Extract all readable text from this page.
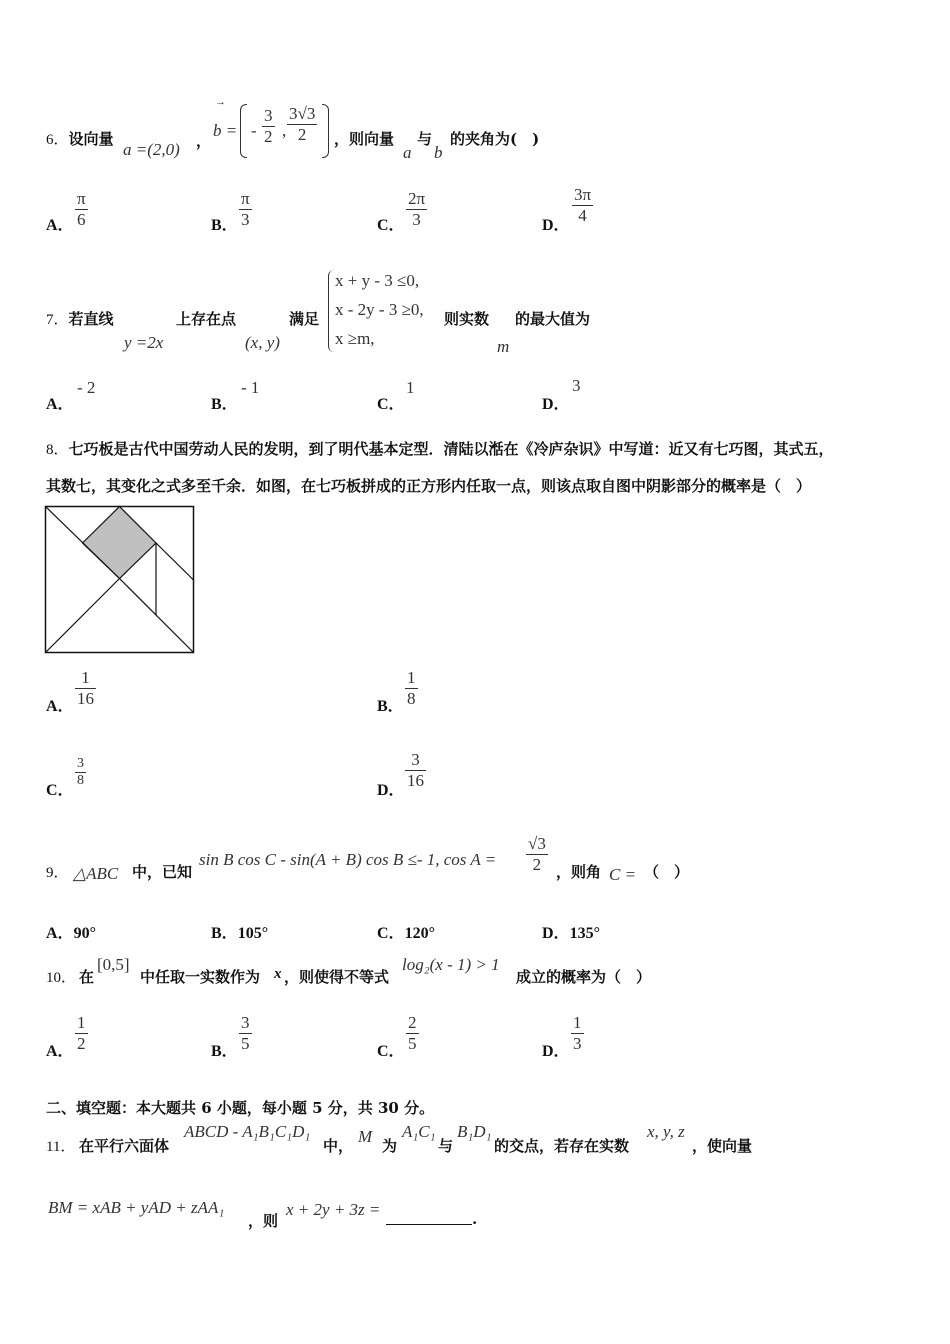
6．设向量
a =(2,0) ，
→
b = - $\frac{3}{2}$ , $\frac{3√3}{2}$ ，则向量
a
与
b
的夹角为(　)
A． $\frac{\pi}{6}$	B． $\frac{\pi}{3}$	C． $\frac{2\pi}{3}$	D． $\frac{3\pi}{4}$
7．若直线
y =2x
上存在点
(x, y)
满足
x + y - 3 ≤0,
x - 2y - 3 ≥0,
x ≥m,
则实数
m
的最大值为
A．
- 2
B．
- 1
C．
1
D．
3
8．七巧板是古代中国劳动人民的发明，到了明代基本定型．清陆以湉在《冷庐杂识》中写道：近又有七巧图，其式五，
其数七，其变化之式多至千余．如图，在七巧板拼成的正方形内任取一点，则该点取自图中阴影部分的概率是（　）
A． $\frac{1}{16}$	B． $\frac{1}{8}$
C．
$\frac{3}{8}$
D． $\frac{3}{16}$
9． △ABC 中，已知
sin B cos C - sin(A + B) cos B ≤- 1, $\cos A = \frac{√3}{2}$ ，则角 C = （　）
A．90°	B．105°	C．120°	D．135°
10． 在
[0,5]
中任取一实数作为 x ，则使得不等式
log₂(x - 1) > 1
成立的概率为（　）
A． $\frac{1}{2}$	B． $\frac{3}{5}$	C． $\frac{2}{5}$	D． $\frac{1}{3}$
二、填空题：本大题共 6 小题，每小题 5 分，共 30 分。
11． 在平行六面体
ABCD - A₁B₁C₁D₁
中， M 为
A₁C₁
与
B₁D₁
的交点，若存在实数
x, y, z
，使向量
BM = xAB + yAD + zAA₁
，则
x + 2y + 3z =	.
